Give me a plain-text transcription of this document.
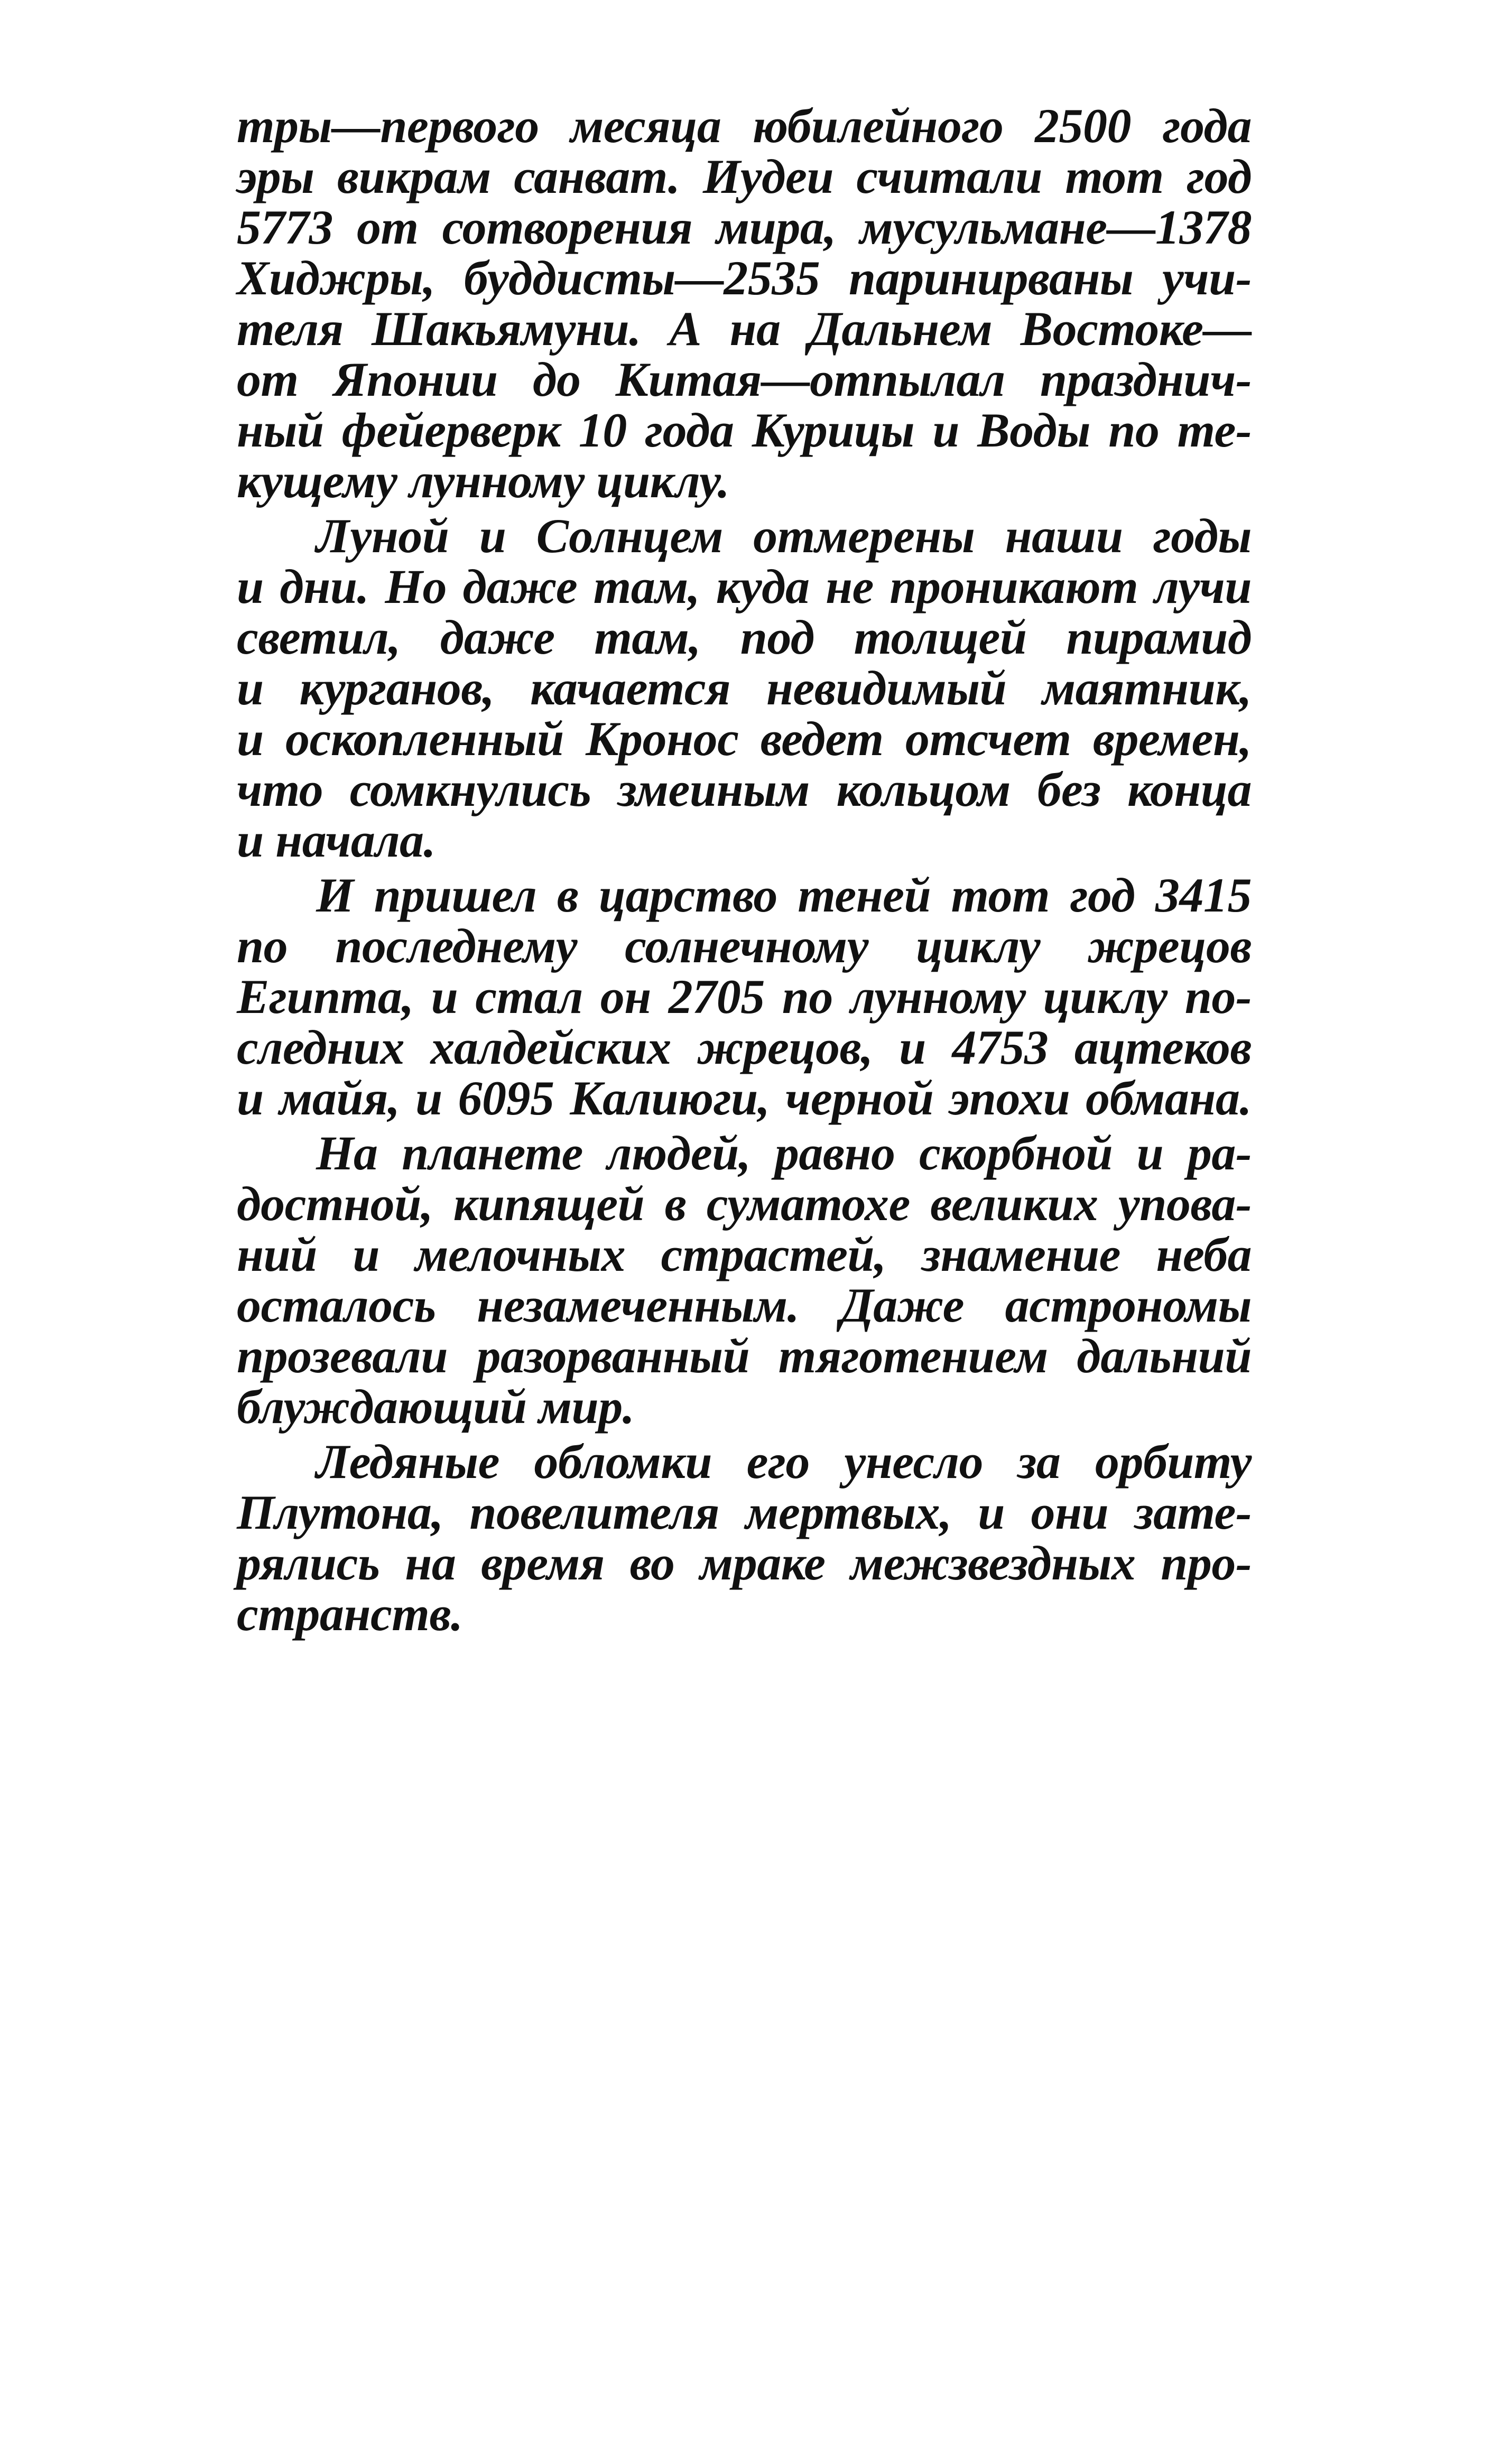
тры—первого месяца юбилейного 2500 года
эры викрам санват. Иудеи считали тот год
5773 от сотворения мира, мусульмане—1378
Хиджры, буддисты—2535 паринирваны учи-
теля Шакьямуни. А на Дальнем Востоке—
от Японии до Китая—отпылал празднич-
ный фейерверк 10 года Курицы и Воды по те-
кущему лунному циклу.
Луной и Солнцем отмерены наши годы
и дни. Но даже там, куда не проникают лучи
светил, даже там, под толщей пирамид
и курганов, качается невидимый маятник,
и оскопленный Кронос ведет отсчет времен,
что сомкнулись змеиным кольцом без конца
и начала.
И пришел в царство теней тот год 3415
по последнему солнечному циклу жрецов
Египта, и стал он 2705 по лунному циклу по-
следних халдейских жрецов, и 4753 ацтеков
и майя, и 6095 Калиюги, черной эпохи обмана.
На планете людей, равно скорбной и ра-
достной, кипящей в суматохе великих упова-
ний и мелочных страстей, знамение неба
осталось незамеченным. Даже астрономы
прозевали разорванный тяготением дальний
блуждающий мир.
Ледяные обломки его унесло за орбиту
Плутона, повелителя мертвых, и они зате-
рялись на время во мраке межзвездных про-
странств.
